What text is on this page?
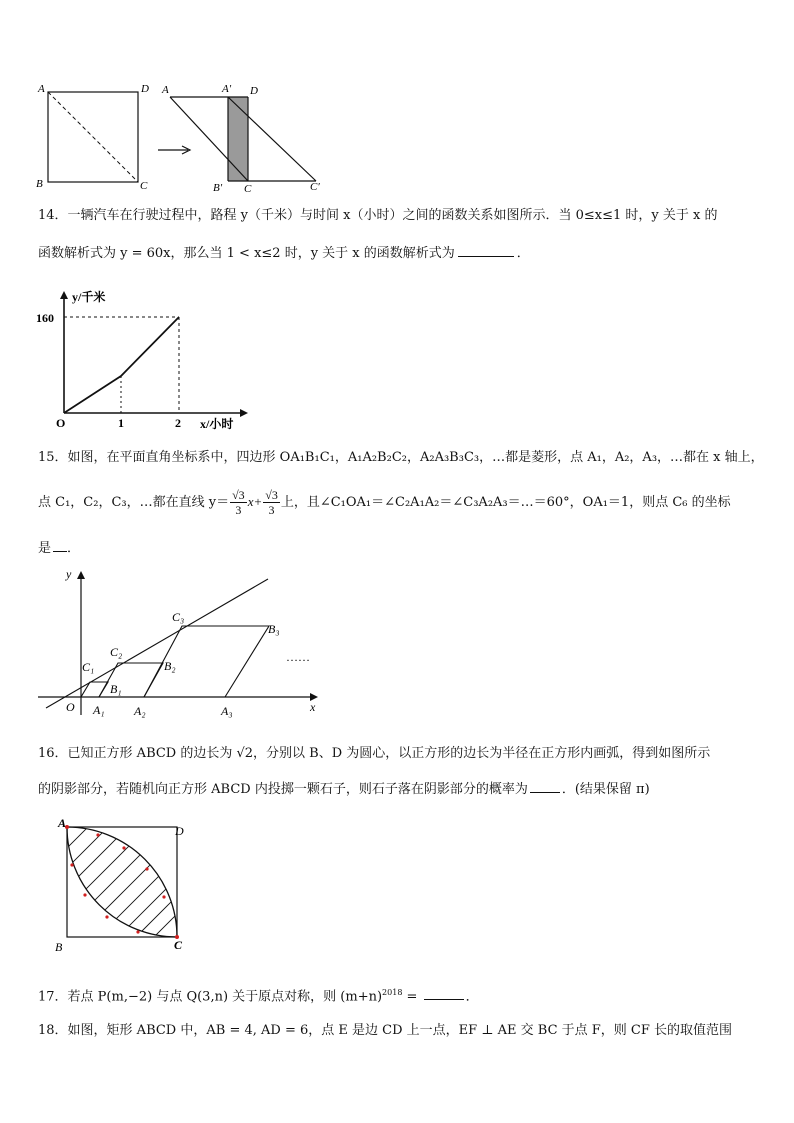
A	D
B	C
A	A′ D
B′ C	C′
14．一辆汽车在行驶过程中，路程 y（千米）与时间 x（小时）之间的函数关系如图所示．当 0≤x≤1 时，y 关于 x 的
函数解析式为 y = 60x，那么当 1 < x≤2 时，y 关于 x 的函数解析式为	．
y/千米
160
O	1	2 x/小时
15．如图，在平面直角坐标系中，四边形 OA₁B₁C₁，A₁A₂B₂C₂，A₂A₃B₃C₃，…都是菱形，点 A₁，A₂，A₃，…都在 x 轴上，
点 C₁，C₂，C₃，…都在直线 $y= \frac{√3}{3} x+ \frac{√3}{3}$ 上，且∠C₁OA₁＝∠C₂A₁A₂＝∠C₃A₂A₃＝…＝60°，OA₁＝1，则点 C₆ 的坐标
是 ．
y
x
O A₁ A₂	A₃
B₁
B₂
B₃
C₁
C₂
C₃
……
16．已知正方形 ABCD 的边长为 √2，分别以 B、D 为圆心，以正方形的边长为半径在正方形内画弧，得到如图所示
的阴影部分，若随机向正方形 ABCD 内投掷一颗石子，则石子落在阴影部分的概率为	．(结果保留 π)
A
D
B	C
17．若点 P(m,−2) 与点 Q(3,n) 关于原点对称，则 $(m+n)^{2018}$ =	．
18．如图，矩形 ABCD 中，AB = 4, AD = 6，点 E 是边 CD 上一点，EF ⊥ AE 交 BC 于点 F，则 CF 长的取值范围
